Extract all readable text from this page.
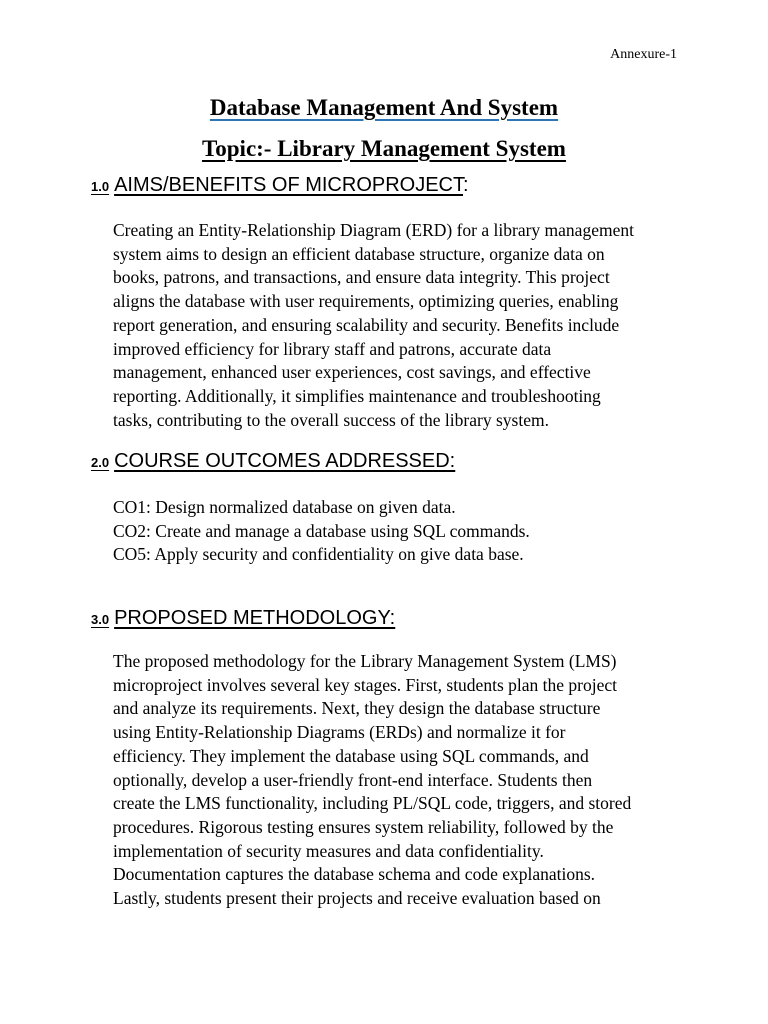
Annexure-1
Database Management And System
Topic:- Library Management System
1.0 AIMS/BENEFITS OF MICROPROJECT:
Creating an Entity-Relationship Diagram (ERD) for a library management
system aims to design an efficient database structure, organize data on
books, patrons, and transactions, and ensure data integrity. This project
aligns the database with user requirements, optimizing queries, enabling
report generation, and ensuring scalability and security. Benefits include
improved efficiency for library staff and patrons, accurate data
management, enhanced user experiences, cost savings, and effective
reporting. Additionally, it simplifies maintenance and troubleshooting
tasks, contributing to the overall success of the library system.
2.0 COURSE OUTCOMES ADDRESSED:
CO1: Design normalized database on given data.
CO2: Create and manage a database using SQL commands.
CO5: Apply security and confidentiality on give data base.
3.0 PROPOSED METHODOLOGY:
The proposed methodology for the Library Management System (LMS)
microproject involves several key stages. First, students plan the project
and analyze its requirements. Next, they design the database structure
using Entity-Relationship Diagrams (ERDs) and normalize it for
efficiency. They implement the database using SQL commands, and
optionally, develop a user-friendly front-end interface. Students then
create the LMS functionality, including PL/SQL code, triggers, and stored
procedures. Rigorous testing ensures system reliability, followed by the
implementation of security measures and data confidentiality.
Documentation captures the database schema and code explanations.
Lastly, students present their projects and receive evaluation based on
